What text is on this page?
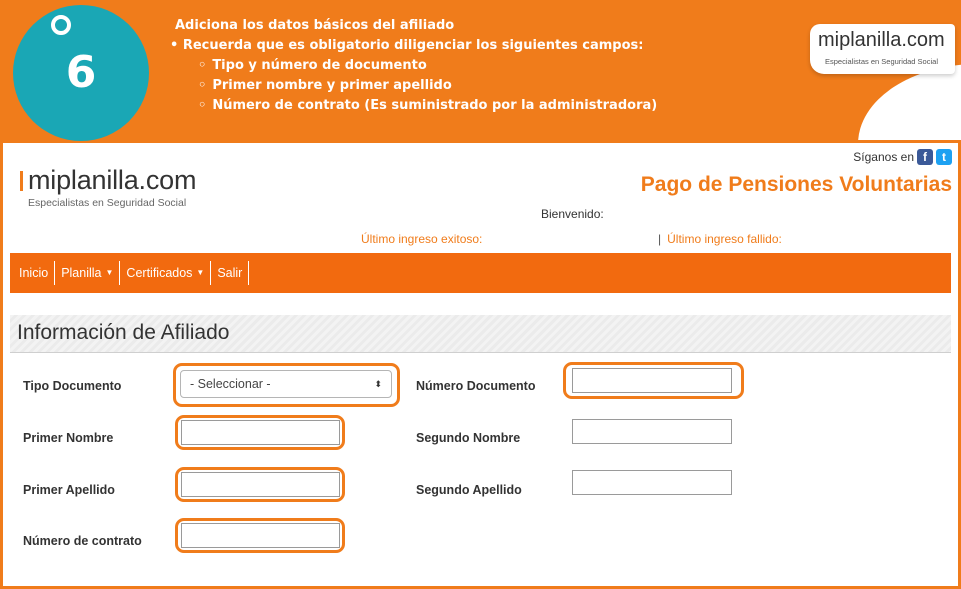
miplanilla.com
Especialistas en Seguridad Social
Adiciona los datos básicos del afiliado
• Recuerda que es obligatorio diligenciar los siguientes campos:
◦ Tipo y número de documento
◦ Primer nombre y primer apellido
◦ Número de contrato (Es suministrado por la administradora)
6
miplanilla.com
Especialistas en Seguridad Social
Síganos en f	t
Pago de Pensiones Voluntarias
Bienvenido:
Último ingreso exitoso:	| Último ingreso fallido:
Inicio Planilla ▼ Certificados ▼ Salir
Información de Afiliado
Tipo Documento	- Seleccionar -	⬍	Número Documento
Primer Nombre	Segundo Nombre
Primer Apellido	Segundo Apellido
Número de contrato
